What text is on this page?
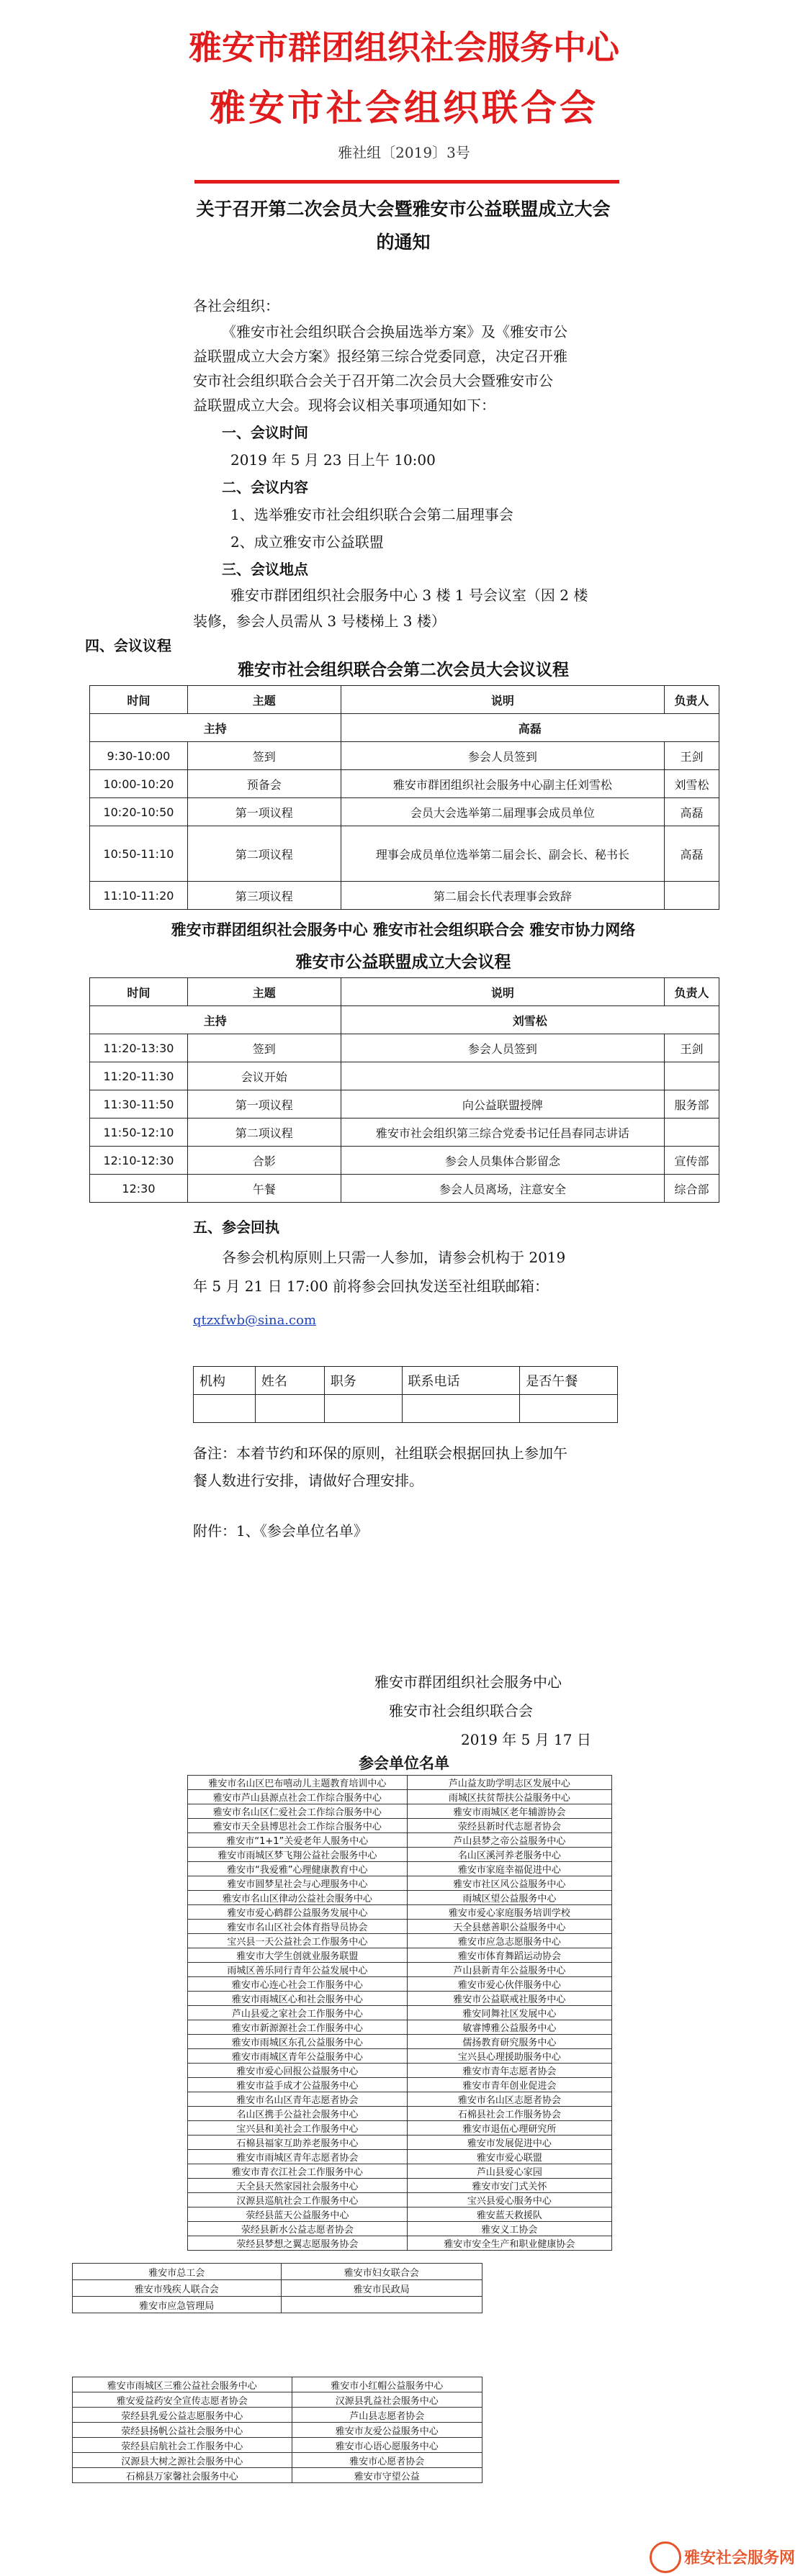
雅安市群团组织社会服务中心
雅安市社会组织联合会
雅社组〔2019〕3号
关于召开第二次会员大会暨雅安市公益联盟成立大会
的通知
各社会组织：
《雅安市社会组织联合会换届选举方案》及《雅安市公
益联盟成立大会方案》报经第三综合党委同意，决定召开雅
安市社会组织联合会关于召开第二次会员大会暨雅安市公
益联盟成立大会。现将会议相关事项通知如下：
一、会议时间
2019 年 5 月 23 日上午 10:00
二、会议内容
1、选举雅安市社会组织联合会第二届理事会
2、成立雅安市公益联盟
三、会议地点
雅安市群团组织社会服务中心 3 楼 1 号会议室（因 2 楼
装修，参会人员需从 3 号楼梯上 3 楼）
四、会议议程
雅安市社会组织联合会第二次会员大会议议程
时间	主题	说明	负责人
主持		高磊	
9:30-10:00	签到	参会人员签到	王剑
10:00-10:20	预备会	雅安市群团组织社会服务中心副主任刘雪松	刘雪松
10:20-10:50	第一项议程	会员大会选举第二届理事会成员单位	高磊
10:50-11:10	第二项议程	理事会成员单位选举第二届会长、副会长、秘书长	高磊
11:10-11:20	第三项议程	第二届会长代表理事会致辞	
雅安市群团组织社会服务中心 雅安市社会组织联合会 雅安市协力网络
雅安市公益联盟成立大会议程
时间	主题	说明	负责人
主持		刘雪松	
11:20-13:30	签到	参会人员签到	王剑
11:20-11:30	会议开始		
11:30-11:50	第一项议程	向公益联盟授牌	服务部
11:50-12:10	第二项议程	雅安市社会组织第三综合党委书记任昌春同志讲话	
12:10-12:30	合影	参会人员集体合影留念	宣传部
12:30	午餐	参会人员离场，注意安全	综合部
五、参会回执
各参会机构原则上只需一人参加，请参会机构于 2019
年 5 月 21 日 17:00 前将参会回执发送至社组联邮箱：
qtzxfwb@sina.com
机构	姓名	职务	联系电话	是否午餐

备注：本着节约和环保的原则，社组联会根据回执上参加午
餐人数进行安排，请做好合理安排。
附件：1、《参会单位名单》
雅安市群团组织社会服务中心
雅安市社会组织联合会
2019 年 5 月 17 日
参会单位名单
雅安市名山区巴布嘻动儿主题教育培训中心	芦山益友助学明志区发展中心
雅安市芦山县源点社会工作综合服务中心	雨城区扶贫帮扶公益服务中心
雅安市名山区仁爱社会工作综合服务中心	雅安市雨城区老年辅游协会
雅安市天全县博思社会工作综合服务中心	荥经县新时代志愿者协会
雅安市“1+1”关爱老年人服务中心	芦山县梦之帝公益服务中心
雅安市雨城区梦飞翔公益社会服务中心	名山区溪河养老服务中心
雅安市“我爱雅”心理健康教育中心	雅安市家庭幸福促进中心
雅安市圆梦星社会与心理服务中心	雅安市社区风公益服务中心
雅安市名山区律动公益社会服务中心	雨城区望公益服务中心
雅安市爱心鹤群公益服务发展中心	雅安市爱心家庭服务培训学校
雅安市名山区社会体育指导员协会	天全县慈善职公益服务中心
宝兴县一天公益社会工作服务中心	雅安市应急志愿服务中心
雅安市大学生创就业服务联盟	雅安市体育舞蹈运动协会
雨城区善乐同行青年公益发展中心	芦山县新青年公益服务中心
雅安市心连心社会工作服务中心	雅安市爱心伙伴服务中心
雅安市雨城区心和社会服务中心	雅安市公益联戒社服务中心
芦山县爱之家社会工作服务中心	雅安同舞社区发展中心
雅安市新源源社会工作服务中心	敏睿博雅公益服务中心
雅安市雨城区东孔公益服务中心	儒扬教育研究服务中心
雅安市雨城区青年公益服务中心	宝兴县心理援助服务中心
雅安市爱心回报公益服务中心	雅安市青年志愿者协会
雅安市益手成才公益服务中心	雅安市青年创业促进会
雅安市名山区青年志愿者协会	雅安市名山区志愿者协会
名山区携手公益社会服务中心	石棉县社会工作服务协会
宝兴县和美社会工作服务中心	雅安市退伍心理研究所
石棉县福家互助养老服务中心	雅安市发展促进中心
雅安市雨城区青年志愿者协会	雅安市爱心联盟
雅安市青衣江社会工作服务中心	芦山县爱心家园
天全县天然家园社会服务中心	雅安市安门式关怀
汉源县巡航社会工作服务中心	宝兴县爱心服务中心
荥经县蓝天公益服务中心	雅安蓝天救援队
荥经县新水公益志愿者协会	雅安义工协会
荥经县梦想之翼志愿服务协会	雅安市安全生产和职业健康协会
雅安市总工会	雅安市妇女联合会
雅安市残疾人联合会	雅安市民政局
雅安市应急管理局	
雅安市雨城区三雅公益社会服务中心	雅安市小红帽公益服务中心
雅安爱益药安全宣传志愿者协会	汉源县乳益社会服务中心
荥经县乳爱公益志愿服务中心	芦山县志愿者协会
荥经县扬帆公益社会服务中心	雅安市友爱公益服务中心
荥经县启航社会工作服务中心	雅安市心语心愿服务中心
汉源县大树之源社会服务中心	雅安市心愿者协会
石棉县万家馨社会服务中心	雅安市守望公益
雅安社会服务网
